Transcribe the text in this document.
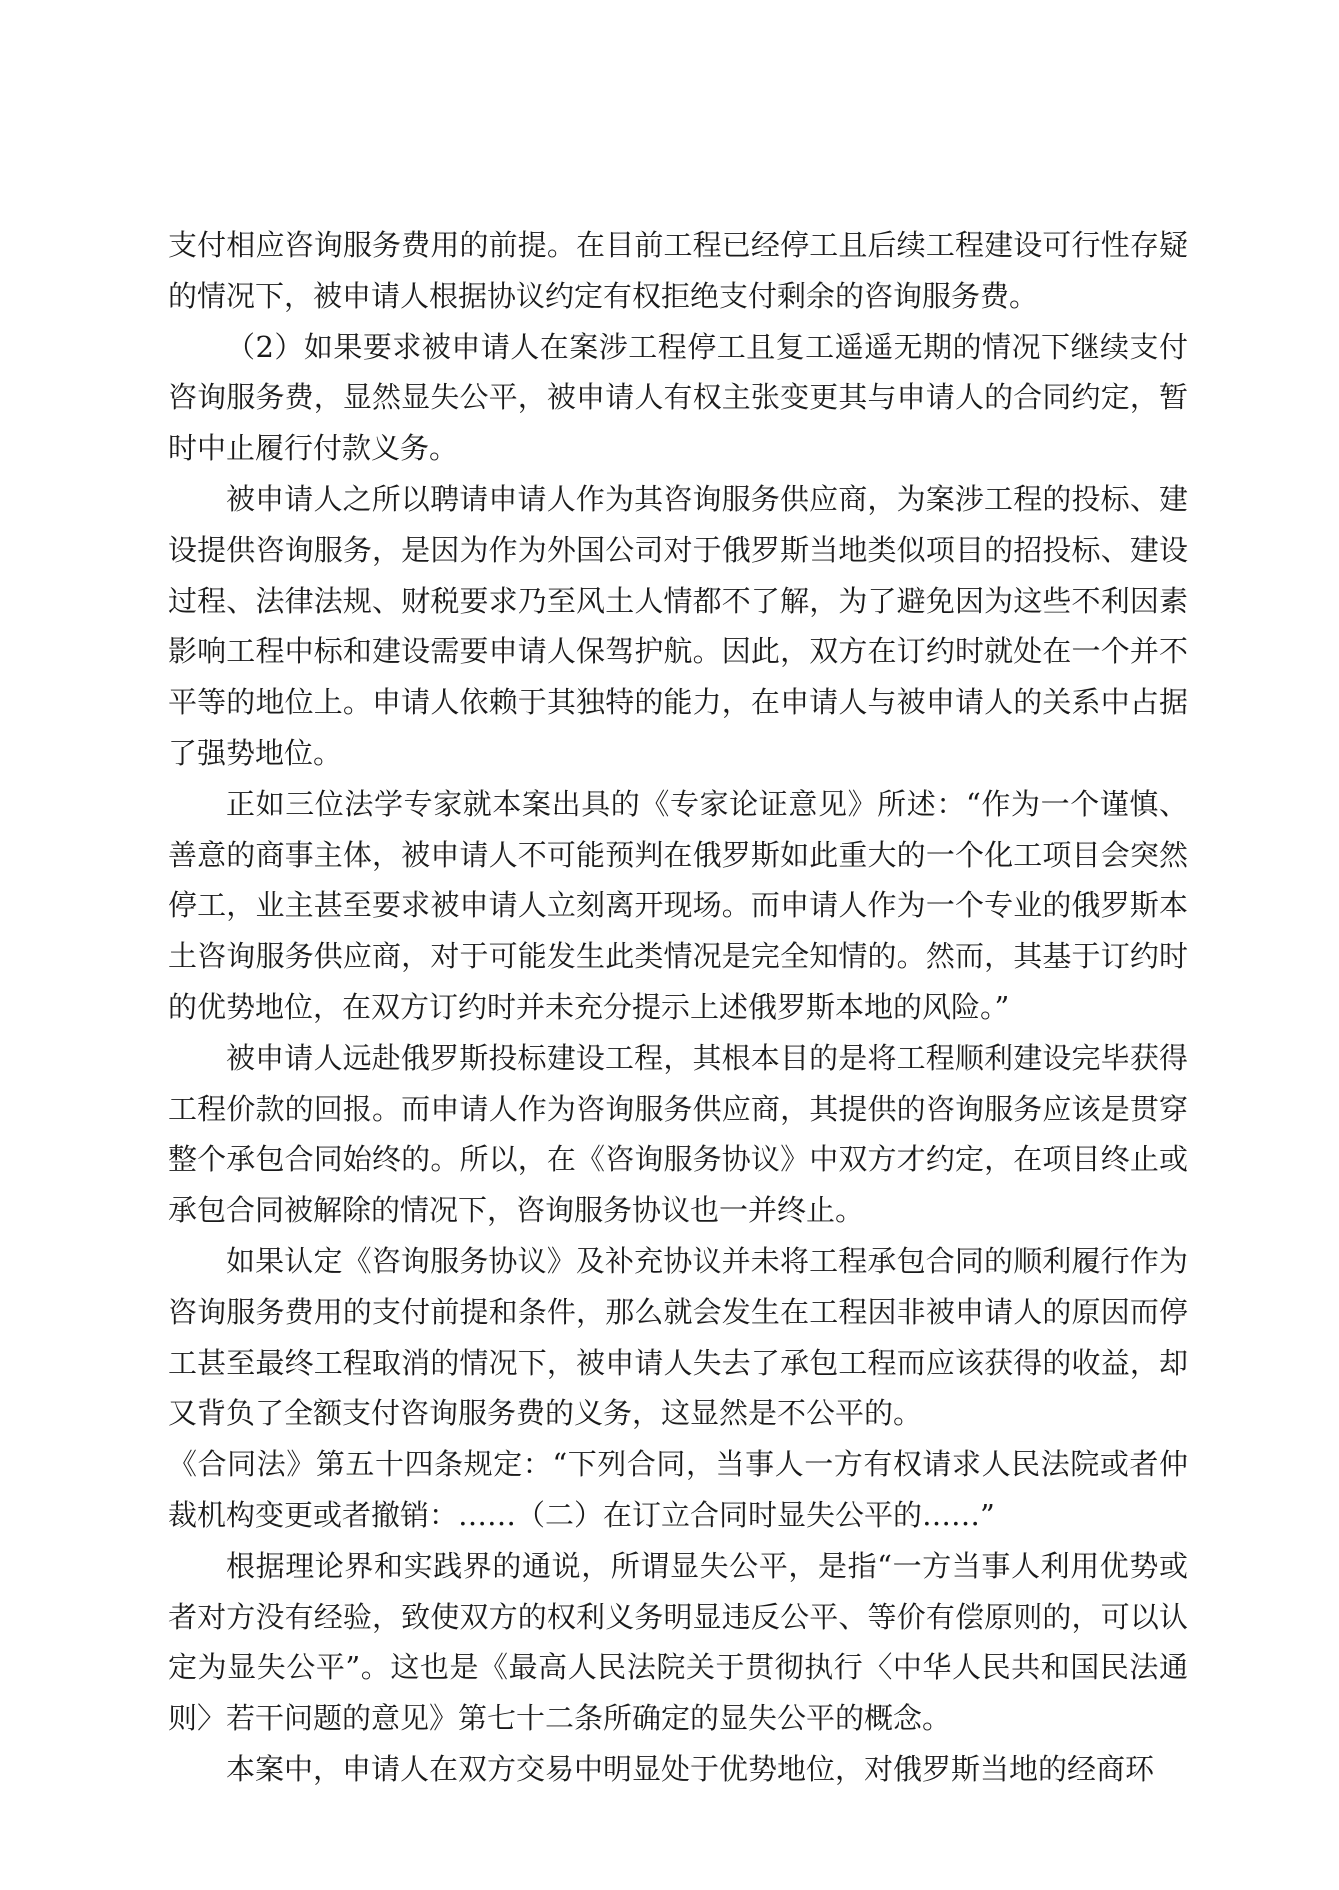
支付相应咨询服务费用的前提。在目前工程已经停工且后续工程建设可行性存疑的情况下，被申请人根据协议约定有权拒绝支付剩余的咨询服务费。

（2）如果要求被申请人在案涉工程停工且复工遥遥无期的情况下继续支付咨询服务费，显然显失公平，被申请人有权主张变更其与申请人的合同约定，暂时中止履行付款义务。

被申请人之所以聘请申请人作为其咨询服务供应商，为案涉工程的投标、建设提供咨询服务，是因为作为外国公司对于俄罗斯当地类似项目的招投标、建设过程、法律法规、财税要求乃至风土人情都不了解，为了避免因为这些不利因素影响工程中标和建设需要申请人保驾护航。因此，双方在订约时就处在一个并不平等的地位上。申请人依赖于其独特的能力，在申请人与被申请人的关系中占据了强势地位。

正如三位法学专家就本案出具的《专家论证意见》所述：“作为一个谨慎、善意的商事主体，被申请人不可能预判在俄罗斯如此重大的一个化工项目会突然停工，业主甚至要求被申请人立刻离开现场。而申请人作为一个专业的俄罗斯本土咨询服务供应商，对于可能发生此类情况是完全知情的。然而，其基于订约时的优势地位，在双方订约时并未充分提示上述俄罗斯本地的风险。”

被申请人远赴俄罗斯投标建设工程，其根本目的是将工程顺利建设完毕获得工程价款的回报。而申请人作为咨询服务供应商，其提供的咨询服务应该是贯穿整个承包合同始终的。所以，在《咨询服务协议》中双方才约定，在项目终止或承包合同被解除的情况下，咨询服务协议也一并终止。

如果认定《咨询服务协议》及补充协议并未将工程承包合同的顺利履行作为咨询服务费用的支付前提和条件，那么就会发生在工程因非被申请人的原因而停工甚至最终工程取消的情况下，被申请人失去了承包工程而应该获得的收益，却又背负了全额支付咨询服务费的义务，这显然是不公平的。

《合同法》第五十四条规定：“下列合同，当事人一方有权请求人民法院或者仲裁机构变更或者撤销：……（二）在订立合同时显失公平的……”

根据理论界和实践界的通说，所谓显失公平，是指“一方当事人利用优势或者对方没有经验，致使双方的权利义务明显违反公平、等价有偿原则的，可以认定为显失公平”。这也是《最高人民法院关于贯彻执行〈中华人民共和国民法通则〉若干问题的意见》第七十二条所确定的显失公平的概念。

本案中，申请人在双方交易中明显处于优势地位，对俄罗斯当地的经商环
